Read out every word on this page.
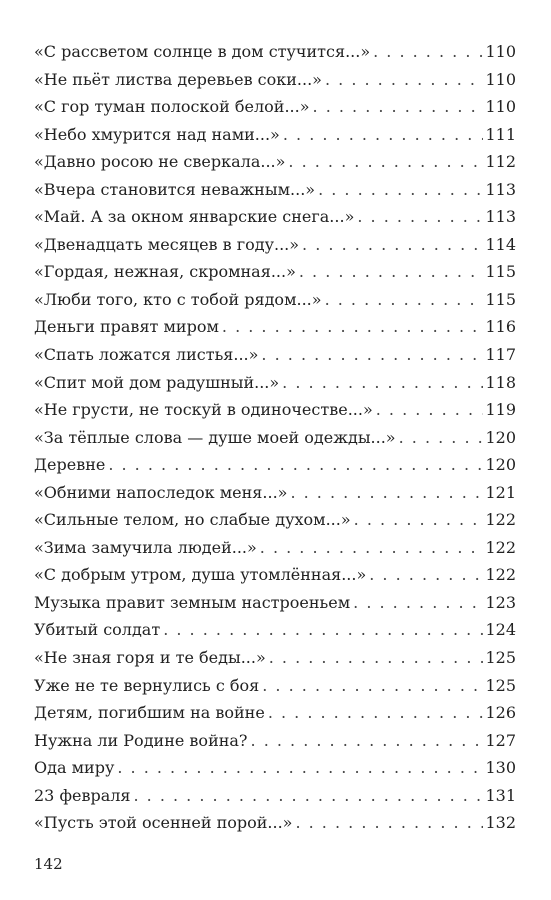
«С рассветом солнце в дом стучится...» . . .	110
«Не пьёт листва деревьев соки...» . . .	110
«С гор туман полоской белой...» . . .	110
«Небо хмурится над нами...» . . .	111
«Давно росою не сверкала...» . . .	112
«Вчера становится неважным...» . . .	113
«Май. А за окном январские снега...» . . .	113
«Двенадцать месяцев в году...» . . .	114
«Гордая, нежная, скромная...» . . .	115
«Люби того, кто с тобой рядом...» . . .	115
Деньги правят миром . . .	116
«Спать ложатся листья...» . . .	117
«Спит мой дом радушный...» . . .	118
«Не грусти, не тоскуй в одиночестве...» . . .	119
«За тёплые слова — душе моей одежды...» . . .	120
Деревне . . .	120
«Обними напоследок меня...» . . .	121
«Сильные телом, но слабые духом...» . . .	122
«Зима замучила людей...» . . .	122
«С добрым утром, душа утомлённая...» . . .	122
Музыка правит земным настроеньем . . .	123
Убитый солдат . . .	124
«Не зная горя и те беды...» . . .	125
Уже не те вернулись с боя . . .	125
Детям, погибшим на войне . . .	126
Нужна ли Родине война? . . .	127
Ода миру . . .	130
23 февраля . . .	131
«Пусть этой осенней порой...» . . .	132
142
